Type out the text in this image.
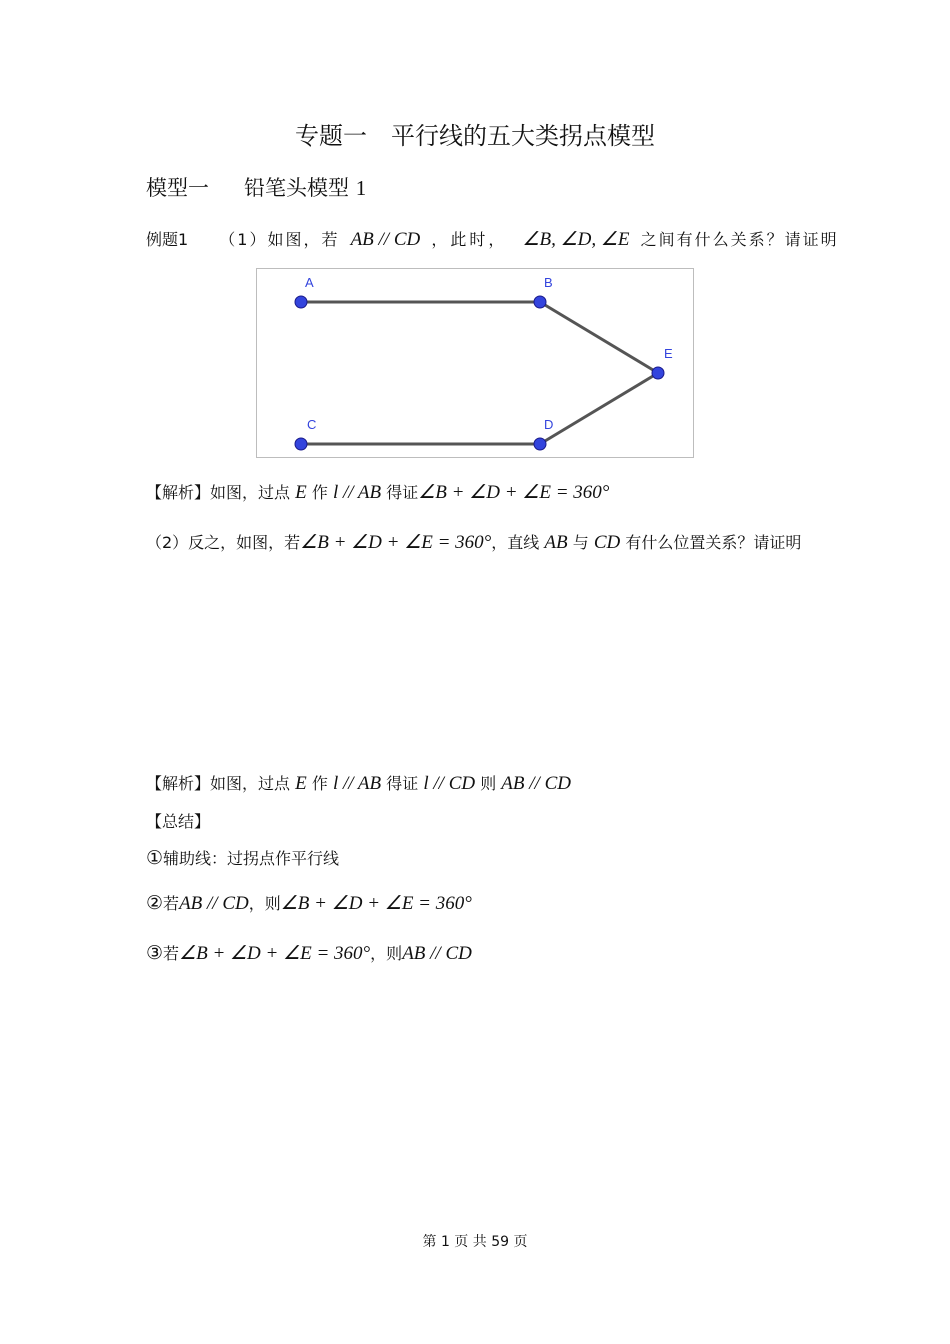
专题一　平行线的五大类拐点模型
模型一 铅笔头模型 1
例题1 （1）如图，若 AB // CD ，此时， ∠B, ∠D, ∠E 之间有什么关系？请证明
A	B
C	D
E
【解析】如图，过点 E 作 l // AB 得证∠B + ∠D + ∠E = 360°
（2）反之，如图，若∠B + ∠D + ∠E = 360°，直线 AB 与 CD 有什么位置关系？请证明
【解析】如图，过点 E 作 l // AB 得证 l // CD 则 AB // CD
【总结】
①辅助线：过拐点作平行线
②若AB // CD，则∠B + ∠D + ∠E = 360°
③若∠B + ∠D + ∠E = 360°，则AB // CD
第 1 页 共 59 页
